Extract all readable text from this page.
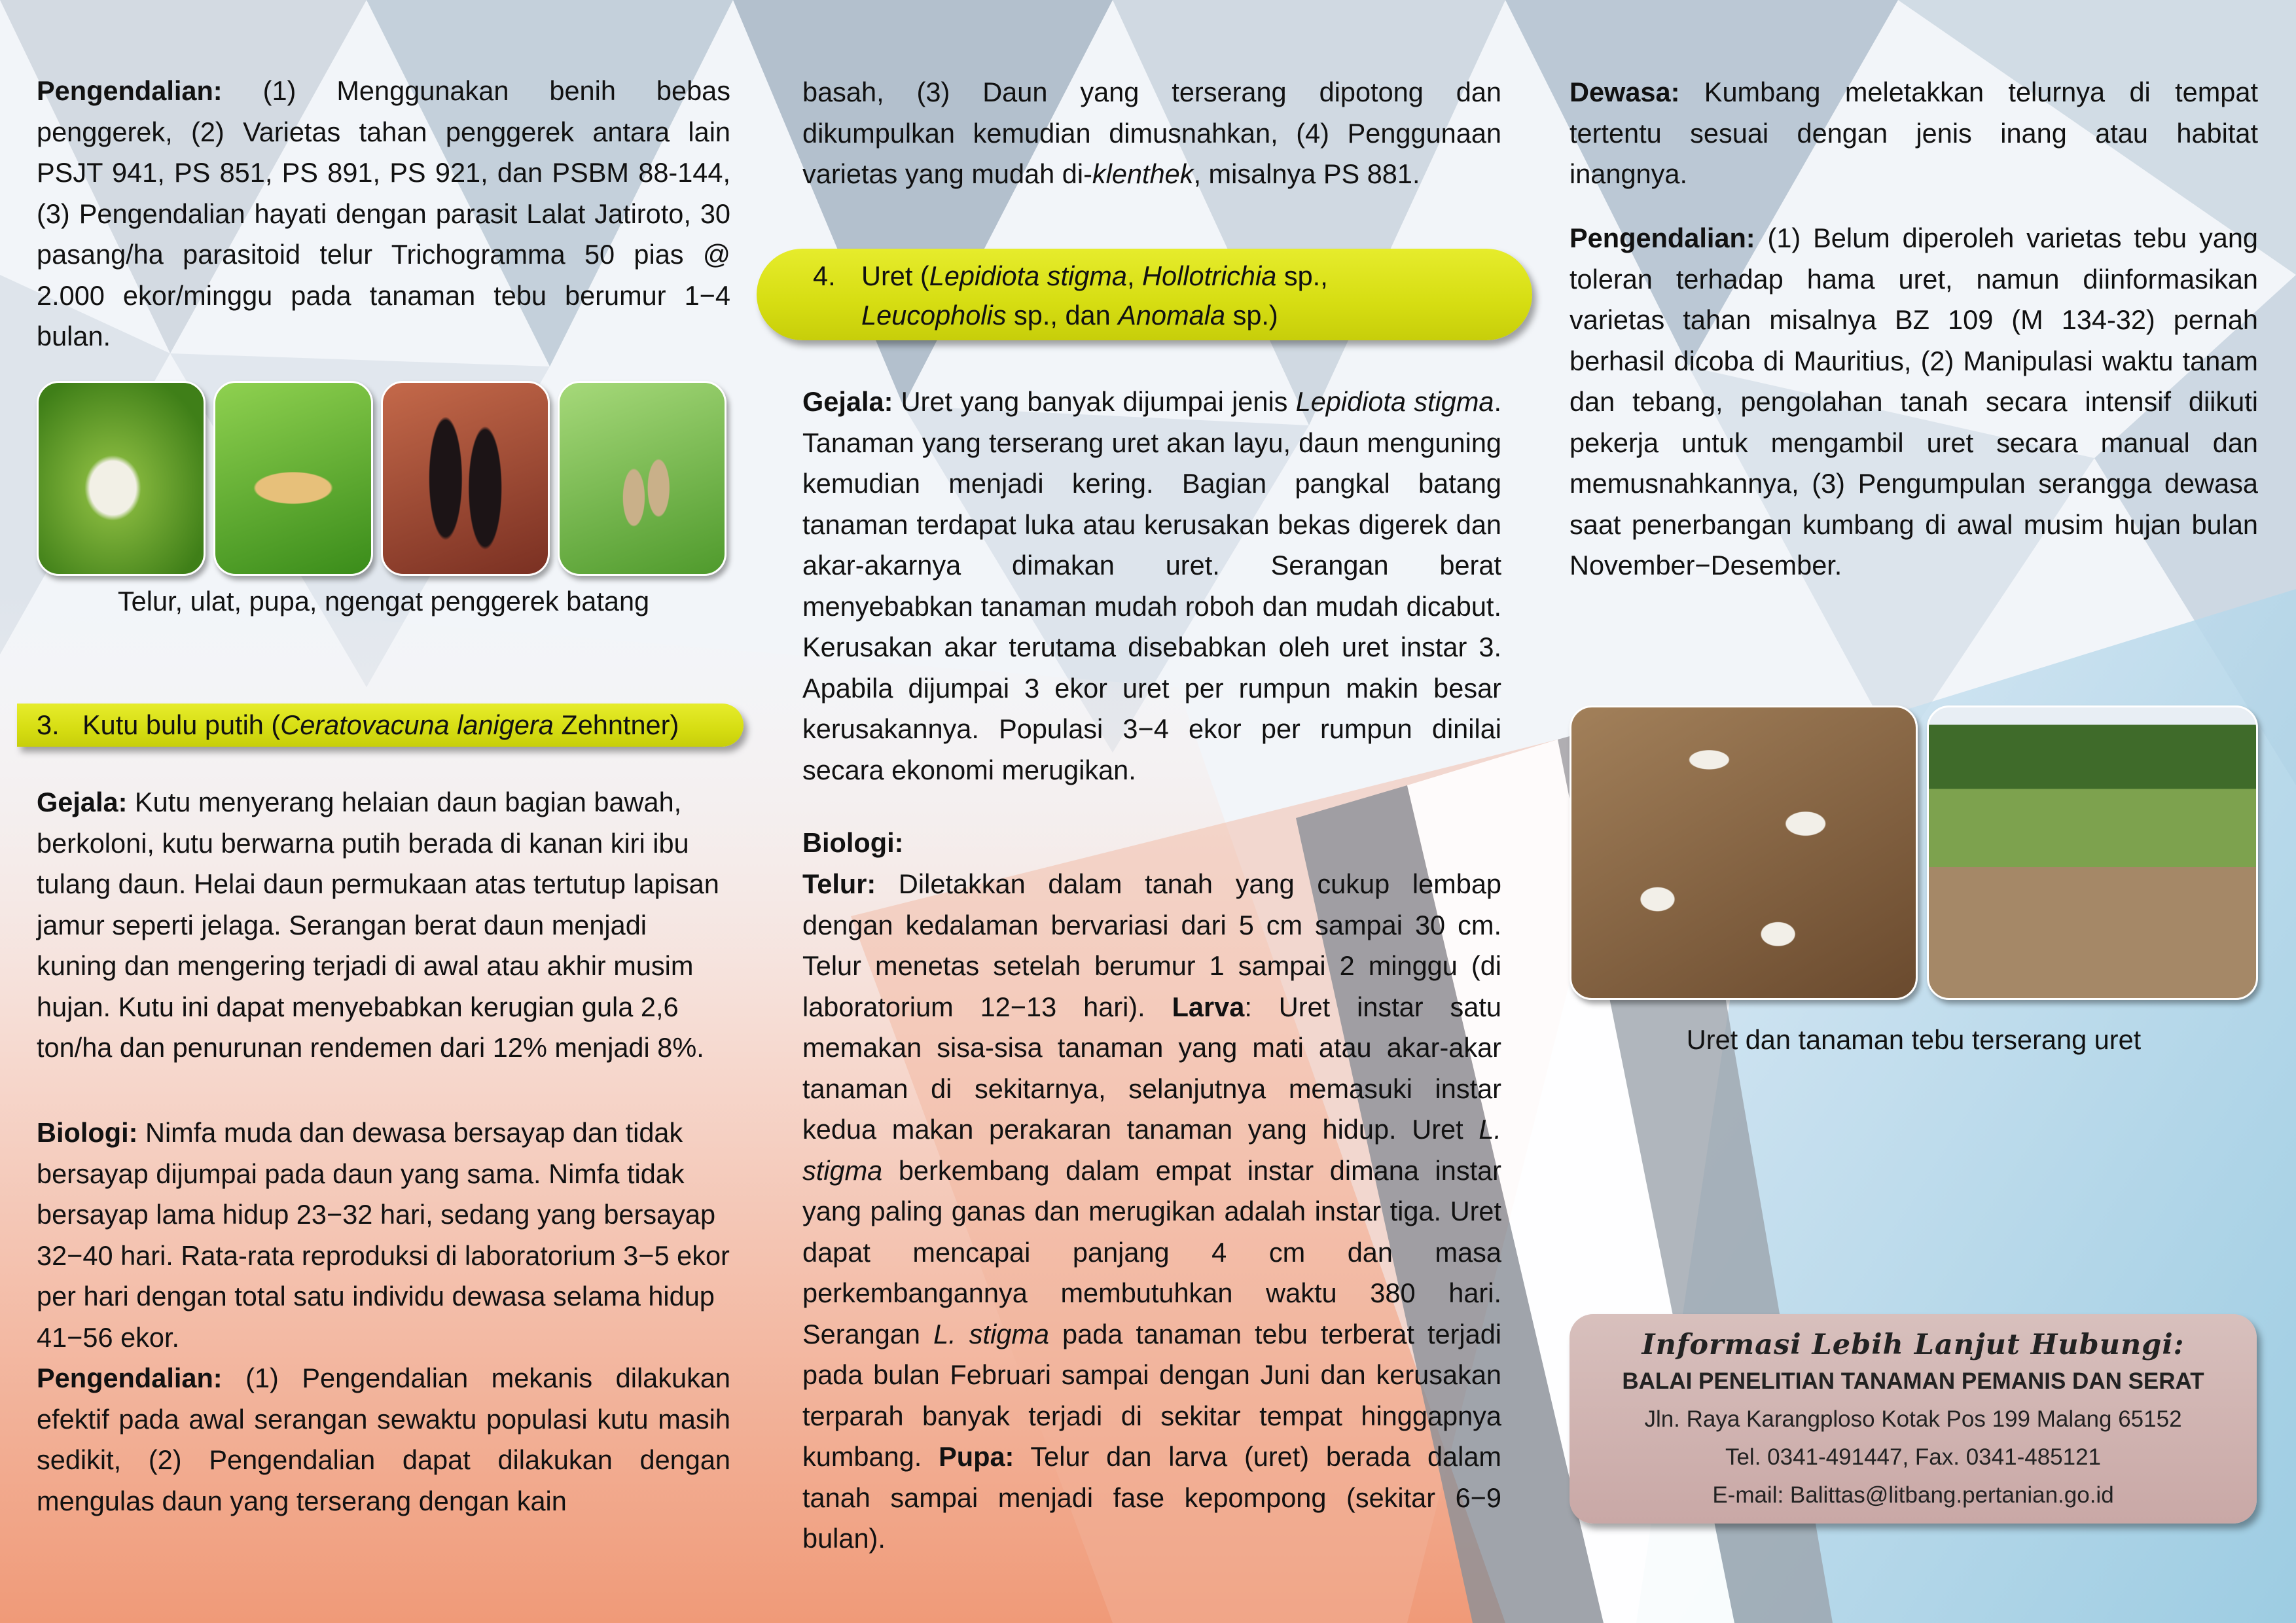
Pengendalian: (1) Menggunakan benih bebas penggerek, (2) Varietas tahan penggerek antara lain PSJT 941, PS 851, PS 891, PS 921, dan PSBM 88-144, (3) Pengendalian hayati dengan parasit Lalat Jatiroto, 30 pasang/ha parasitoid telur Trichogramma 50 pias @ 2.000 ekor/minggu pada tanaman tebu berumur 1−4 bulan.

Telur, ulat, pupa, ngengat penggerek batang
3. Kutu bulu putih (Ceratovacuna lanigera Zehntner)

Gejala: Kutu menyerang helaian daun bagian bawah, berkoloni, kutu berwarna putih berada di kanan kiri ibu tulang daun. Helai daun permukaan atas tertutup lapisan jamur seperti jelaga. Serangan berat daun menjadi kuning dan mengering terjadi di awal atau akhir musim hujan. Kutu ini dapat menyebabkan kerugian gula 2,6 ton/ha dan penurunan rendemen dari 12% menjadi 8%.

Biologi: Nimfa muda dan dewasa bersayap dan tidak bersayap dijumpai pada daun yang sama. Nimfa tidak bersayap lama hidup 23−32 hari, sedang yang bersayap 32−40 hari. Rata-rata reproduksi di laboratorium 3−5 ekor per hari dengan total satu individu dewasa selama hidup 41−56 ekor.

Pengendalian: (1) Pengendalian mekanis dilakukan efektif pada awal serangan sewaktu populasi kutu masih sedikit, (2) Pengendalian dapat dilakukan dengan mengulas daun yang terserang dengan kain

basah, (3) Daun yang terserang dipotong dan dikumpulkan kemudian dimusnahkan, (4) Penggunaan varietas yang mudah di-klenthek, misalnya PS 881.

4. Uret (Lepidiota stigma, Hollotrichia sp.,
Leucopholis sp., dan Anomala sp.)

Gejala: Uret yang banyak dijumpai jenis Lepidiota stigma. Tanaman yang terserang uret akan layu, daun menguning kemudian menjadi kering. Bagian pangkal batang tanaman terdapat luka atau kerusakan bekas digerek dan akar-akarnya dimakan uret. Serangan berat menyebabkan tanaman mudah roboh dan mudah dicabut. Kerusakan akar terutama disebabkan oleh uret instar 3. Apabila dijumpai 3 ekor uret per rumpun makin besar kerusakannya. Populasi 3−4 ekor per rumpun dinilai secara ekonomi merugikan.

Biologi:

Telur: Diletakkan dalam tanah yang cukup lembap dengan kedalaman bervariasi dari 5 cm sampai 30 cm. Telur menetas setelah berumur 1 sampai 2 minggu (di laboratorium 12−13 hari). Larva: Uret instar satu memakan sisa-sisa tanaman yang mati atau akar-akar tanaman di sekitarnya, selanjutnya memasuki instar kedua makan perakaran tanaman yang hidup. Uret L. stigma berkembang dalam empat instar dimana instar yang paling ganas dan merugikan adalah instar tiga. Uret dapat mencapai panjang 4 cm dan masa perkembangannya membutuhkan waktu 380 hari. Serangan L. stigma pada tanaman tebu terberat terjadi pada bulan Februari sampai dengan Juni dan kerusakan terparah banyak terjadi di sekitar tempat hinggapnya kumbang. Pupa: Telur dan larva (uret) berada dalam tanah sampai menjadi fase kepompong (sekitar 6−9 bulan).

Dewasa: Kumbang meletakkan telurnya di tempat tertentu sesuai dengan jenis inang atau habitat inangnya.

Pengendalian: (1) Belum diperoleh varietas tebu yang toleran terhadap hama uret, namun diinformasikan varietas tahan misalnya BZ 109 (M 134-32) pernah berhasil dicoba di Mauritius, (2) Manipulasi waktu tanam dan tebang, pengolahan tanah secara intensif diikuti pekerja untuk mengambil uret secara manual dan memusnahkannya, (3) Pengumpulan serangga dewasa saat penerbangan kumbang di awal musim hujan bulan November−Desember.

Uret dan tanaman tebu terserang uret
Informasi Lebih Lanjut Hubungi:
BALAI PENELITIAN TANAMAN PEMANIS DAN SERAT
Jln. Raya Karangploso Kotak Pos 199 Malang 65152
Tel. 0341-491447, Fax. 0341-485121
E-mail: Balittas@litbang.pertanian.go.id
